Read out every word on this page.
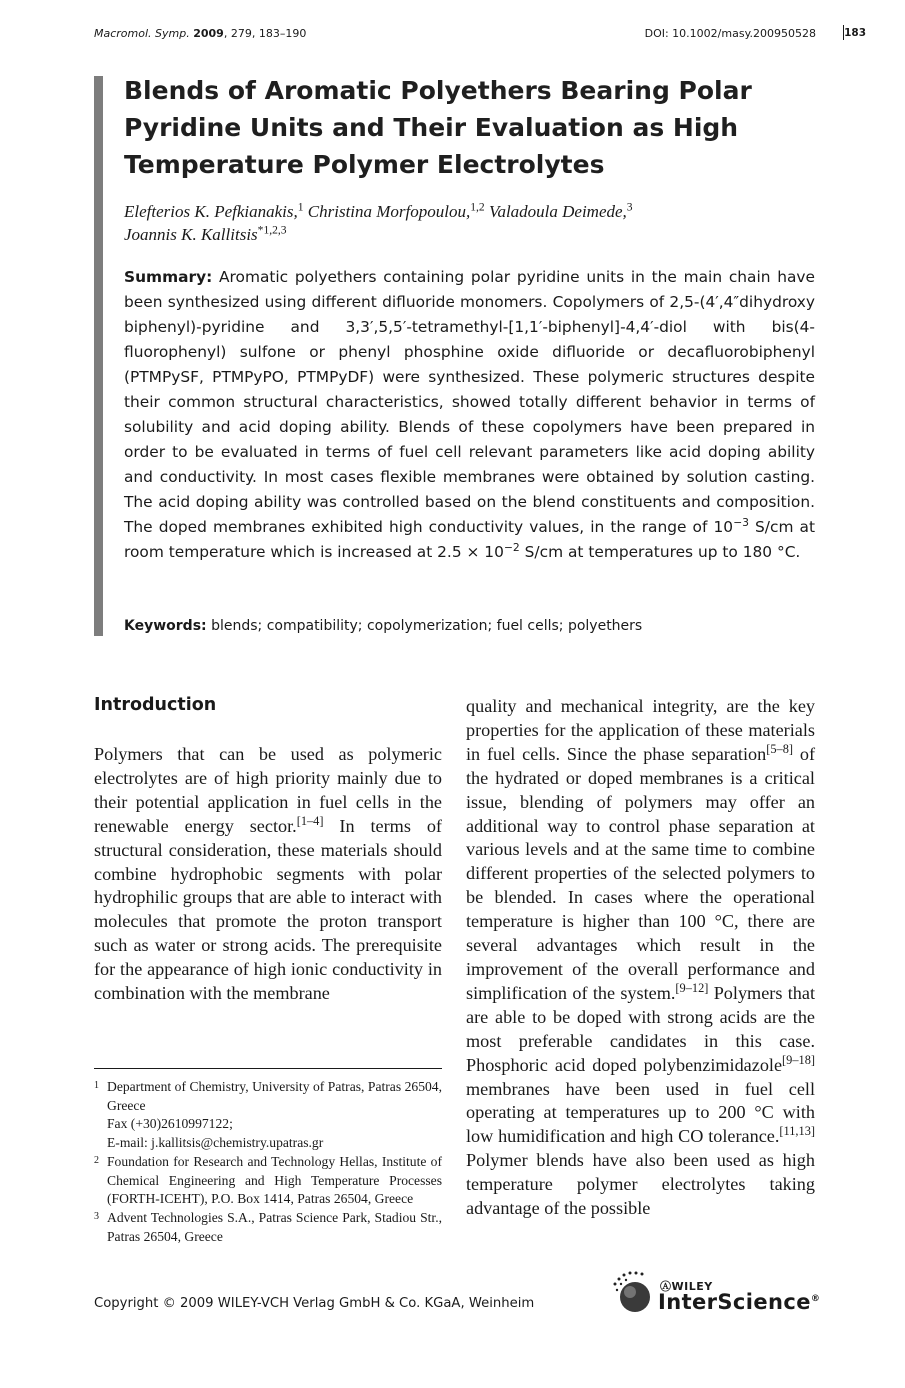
Macromol. Symp. 2009, 279, 183–190	DOI: 10.1002/masy.200950528	183
Blends of Aromatic Polyethers Bearing Polar Pyridine Units and Their Evaluation as High Temperature Polymer Electrolytes
Elefterios K. Pefkianakis,$^1$ Christina Morfopoulou,$^{1,2}$ Valadoula Deimede,$^3$
Joannis K. Kallitsis$^{*1,2,3}$

Summary: Aromatic polyethers containing polar pyridine units in the main chain have been synthesized using different difluoride monomers. Copolymers of 2,5-(4′,4″dihydroxy biphenyl)-pyridine and 3,3′,5,5′-tetramethyl-[1,1′-biphenyl]-4,4′-diol with bis(4-fluorophenyl) sulfone or phenyl phosphine oxide difluoride or decafluorobiphenyl (PTMPySF, PTMPyPO, PTMPyDF) were synthesized. These polymeric structures despite their common structural characteristics, showed totally different behavior in terms of solubility and acid doping ability. Blends of these copolymers have been prepared in order to be evaluated in terms of fuel cell relevant parameters like acid doping ability and conductivity. In most cases flexible membranes were obtained by solution casting. The acid doping ability was controlled based on the blend constituents and composition. The doped membranes exhibited high conductivity values, in the range of $10^{-3}$ S/cm at room temperature which is increased at $2.5 \times 10^{-2}$ S/cm at temperatures up to 180 °C.

Keywords: blends; compatibility; copolymerization; fuel cells; polyethers
Introduction

Polymers that can be used as polymeric electrolytes are of high priority mainly due to their potential application in fuel cells in the renewable energy sector.[1–4] In terms of structural consideration, these materials should combine hydrophobic segments with polar hydrophilic groups that are able to interact with molecules that promote the proton transport such as water or strong acids. The prerequisite for the appearance of high ionic conductivity in combination with the membrane

quality and mechanical integrity, are the key properties for the application of these materials in fuel cells. Since the phase separation[5–8] of the hydrated or doped membranes is a critical issue, blending of polymers may offer an additional way to control phase separation at various levels and at the same time to combine different properties of the selected polymers to be blended. In cases where the operational temperature is higher than 100 °C, there are several advantages which result in the improvement of the overall performance and simplification of the system.[9–12] Polymers that are able to be doped with strong acids are the most preferable candidates in this case. Phosphoric acid doped polybenzimidazole[9–18] membranes have been used in fuel cell operating at temperatures up to 200 °C with low humidification and high CO tolerance.[11,13] Polymer blends have also been used as high temperature polymer electrolytes taking advantage of the possible

1 Department of Chemistry, University of Patras, Patras 26504, Greece
Fax (+30)2610997122;
E-mail: j.kallitsis@chemistry.upatras.gr

2 Foundation for Research and Technology Hellas, Institute of Chemical Engineering and High Temperature Processes (FORTH-ICEHT), P.O. Box 1414, Patras 26504, Greece

3 Advent Technologies S.A., Patras Science Park, Stadiou Str., Patras 26504, Greece

Copyright © 2009 WILEY-VCH Verlag GmbH & Co. KGaA, Weinheim
ⒶWILEY
InterScience®
